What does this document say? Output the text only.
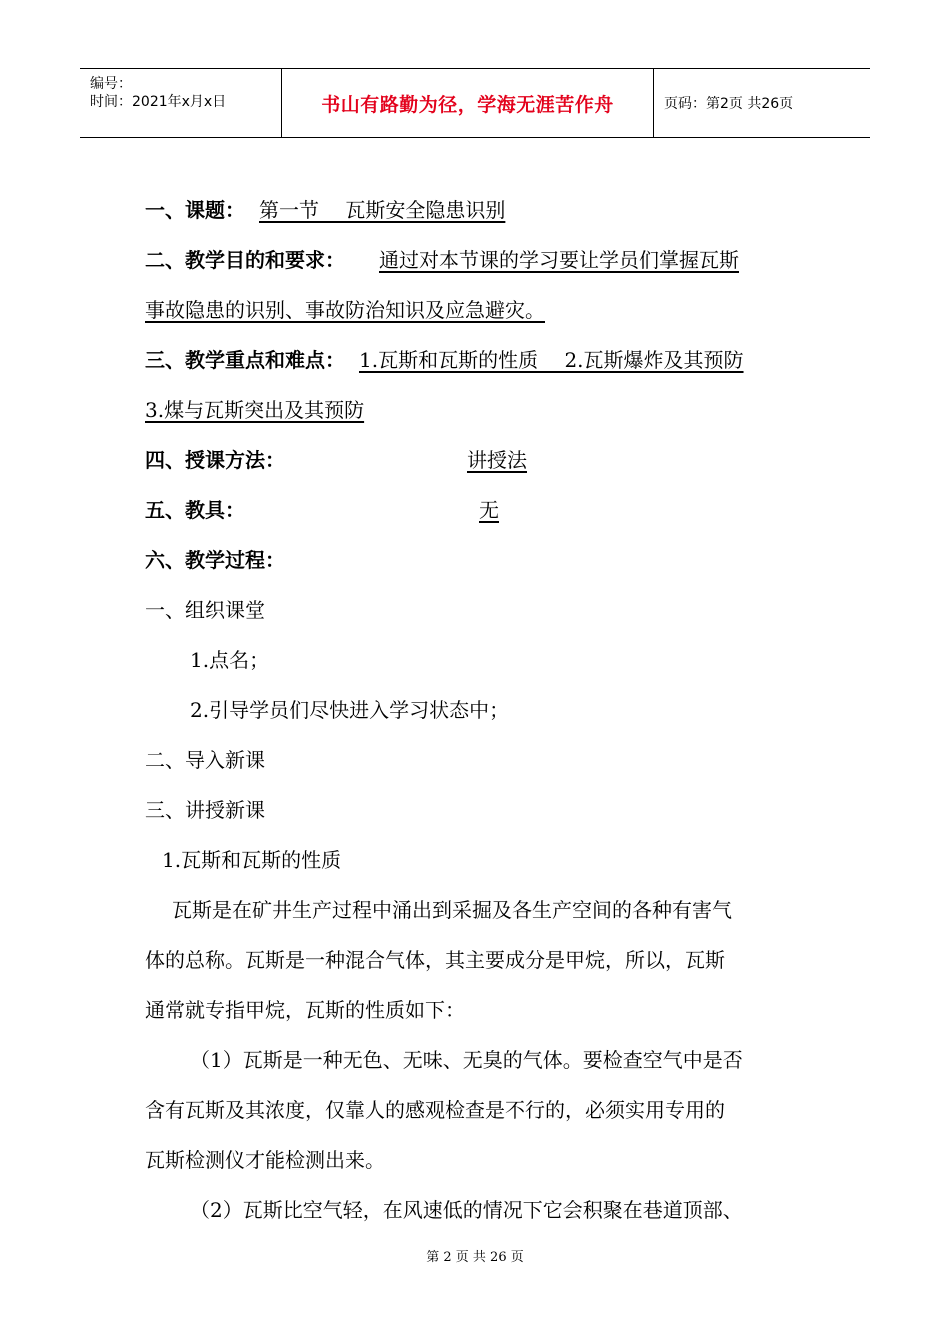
编号：
时间：2021年x月x日	书山有路勤为径，学海无涯苦作舟	页码：第2页 共26页
一、课题： 第一节　 瓦斯安全隐患识别
二、教学目的和要求： 通过对本节课的学习要让学员们掌握瓦斯
事故隐患的识别、事故防治知识及应急避灾。
三、教学重点和难点： 1.瓦斯和瓦斯的性质　 2.瓦斯爆炸及其预防
3.煤与瓦斯突出及其预防
四、授课方法：	讲授法
五、教具：	无
六、教学过程：
一、组织课堂
1.点名；
2.引导学员们尽快进入学习状态中；
二、导入新课
三、讲授新课
1.瓦斯和瓦斯的性质
瓦斯是在矿井生产过程中涌出到采掘及各生产空间的各种有害气
体的总称。瓦斯是一种混合气体，其主要成分是甲烷，所以，瓦斯
通常就专指甲烷，瓦斯的性质如下：
（1）瓦斯是一种无色、无味、无臭的气体。要检查空气中是否
含有瓦斯及其浓度，仅靠人的感观检查是不行的，必须实用专用的
瓦斯检测仪才能检测出来。
（2）瓦斯比空气轻，在风速低的情况下它会积聚在巷道顶部、
第 2 页 共 26 页
